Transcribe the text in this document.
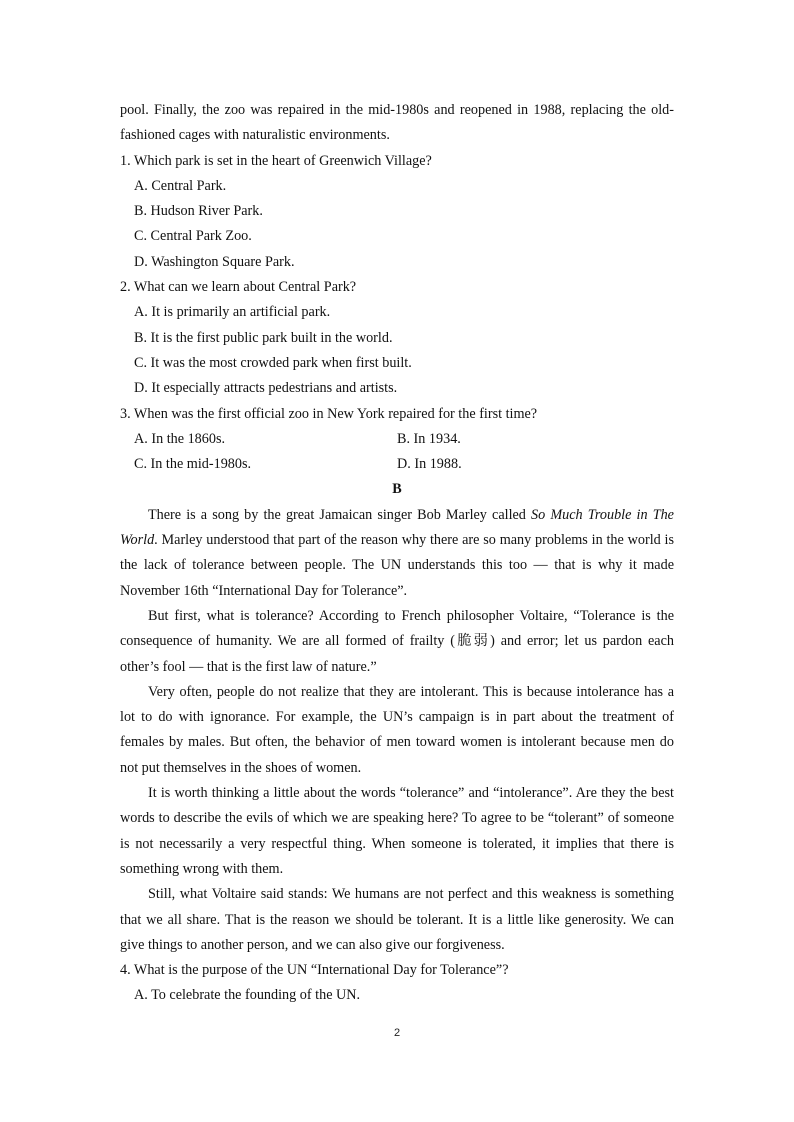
pool. Finally, the zoo was repaired in the mid-1980s and reopened in 1988, replacing the old-fashioned cages with naturalistic environments.

1. Which park is set in the heart of Greenwich Village?

A. Central Park.

B. Hudson River Park.

C. Central Park Zoo.

D. Washington Square Park.

2. What can we learn about Central Park?

A. It is primarily an artificial park.

B. It is the first public park built in the world.

C. It was the most crowded park when first built.

D. It especially attracts pedestrians and artists.

3. When was the first official zoo in New York repaired for the first time?

A. In the 1860s.	B. In 1934.
C. In the mid-1980s.	D. In 1988.

B

There is a song by the great Jamaican singer Bob Marley called So Much Trouble in The World. Marley understood that part of the reason why there are so many problems in the world is the lack of tolerance between people. The UN understands this too — that is why it made November 16th “International Day for Tolerance”.

But first, what is tolerance? According to French philosopher Voltaire, “Tolerance is the consequence of humanity. We are all formed of frailty (脆弱) and error; let us pardon each other’s fool — that is the first law of nature.”

Very often, people do not realize that they are intolerant. This is because intolerance has a lot to do with ignorance. For example, the UN’s campaign is in part about the treatment of females by males. But often, the behavior of men toward women is intolerant because men do not put themselves in the shoes of women.

It is worth thinking a little about the words “tolerance” and “intolerance”. Are they the best words to describe the evils of which we are speaking here? To agree to be “tolerant” of someone is not necessarily a very respectful thing. When someone is tolerated, it implies that there is something wrong with them.

Still, what Voltaire said stands: We humans are not perfect and this weakness is something that we all share. That is the reason we should be tolerant. It is a little like generosity. We can give things to another person, and we can also give our forgiveness.

4. What is the purpose of the UN “International Day for Tolerance”?

A. To celebrate the founding of the UN.

2
